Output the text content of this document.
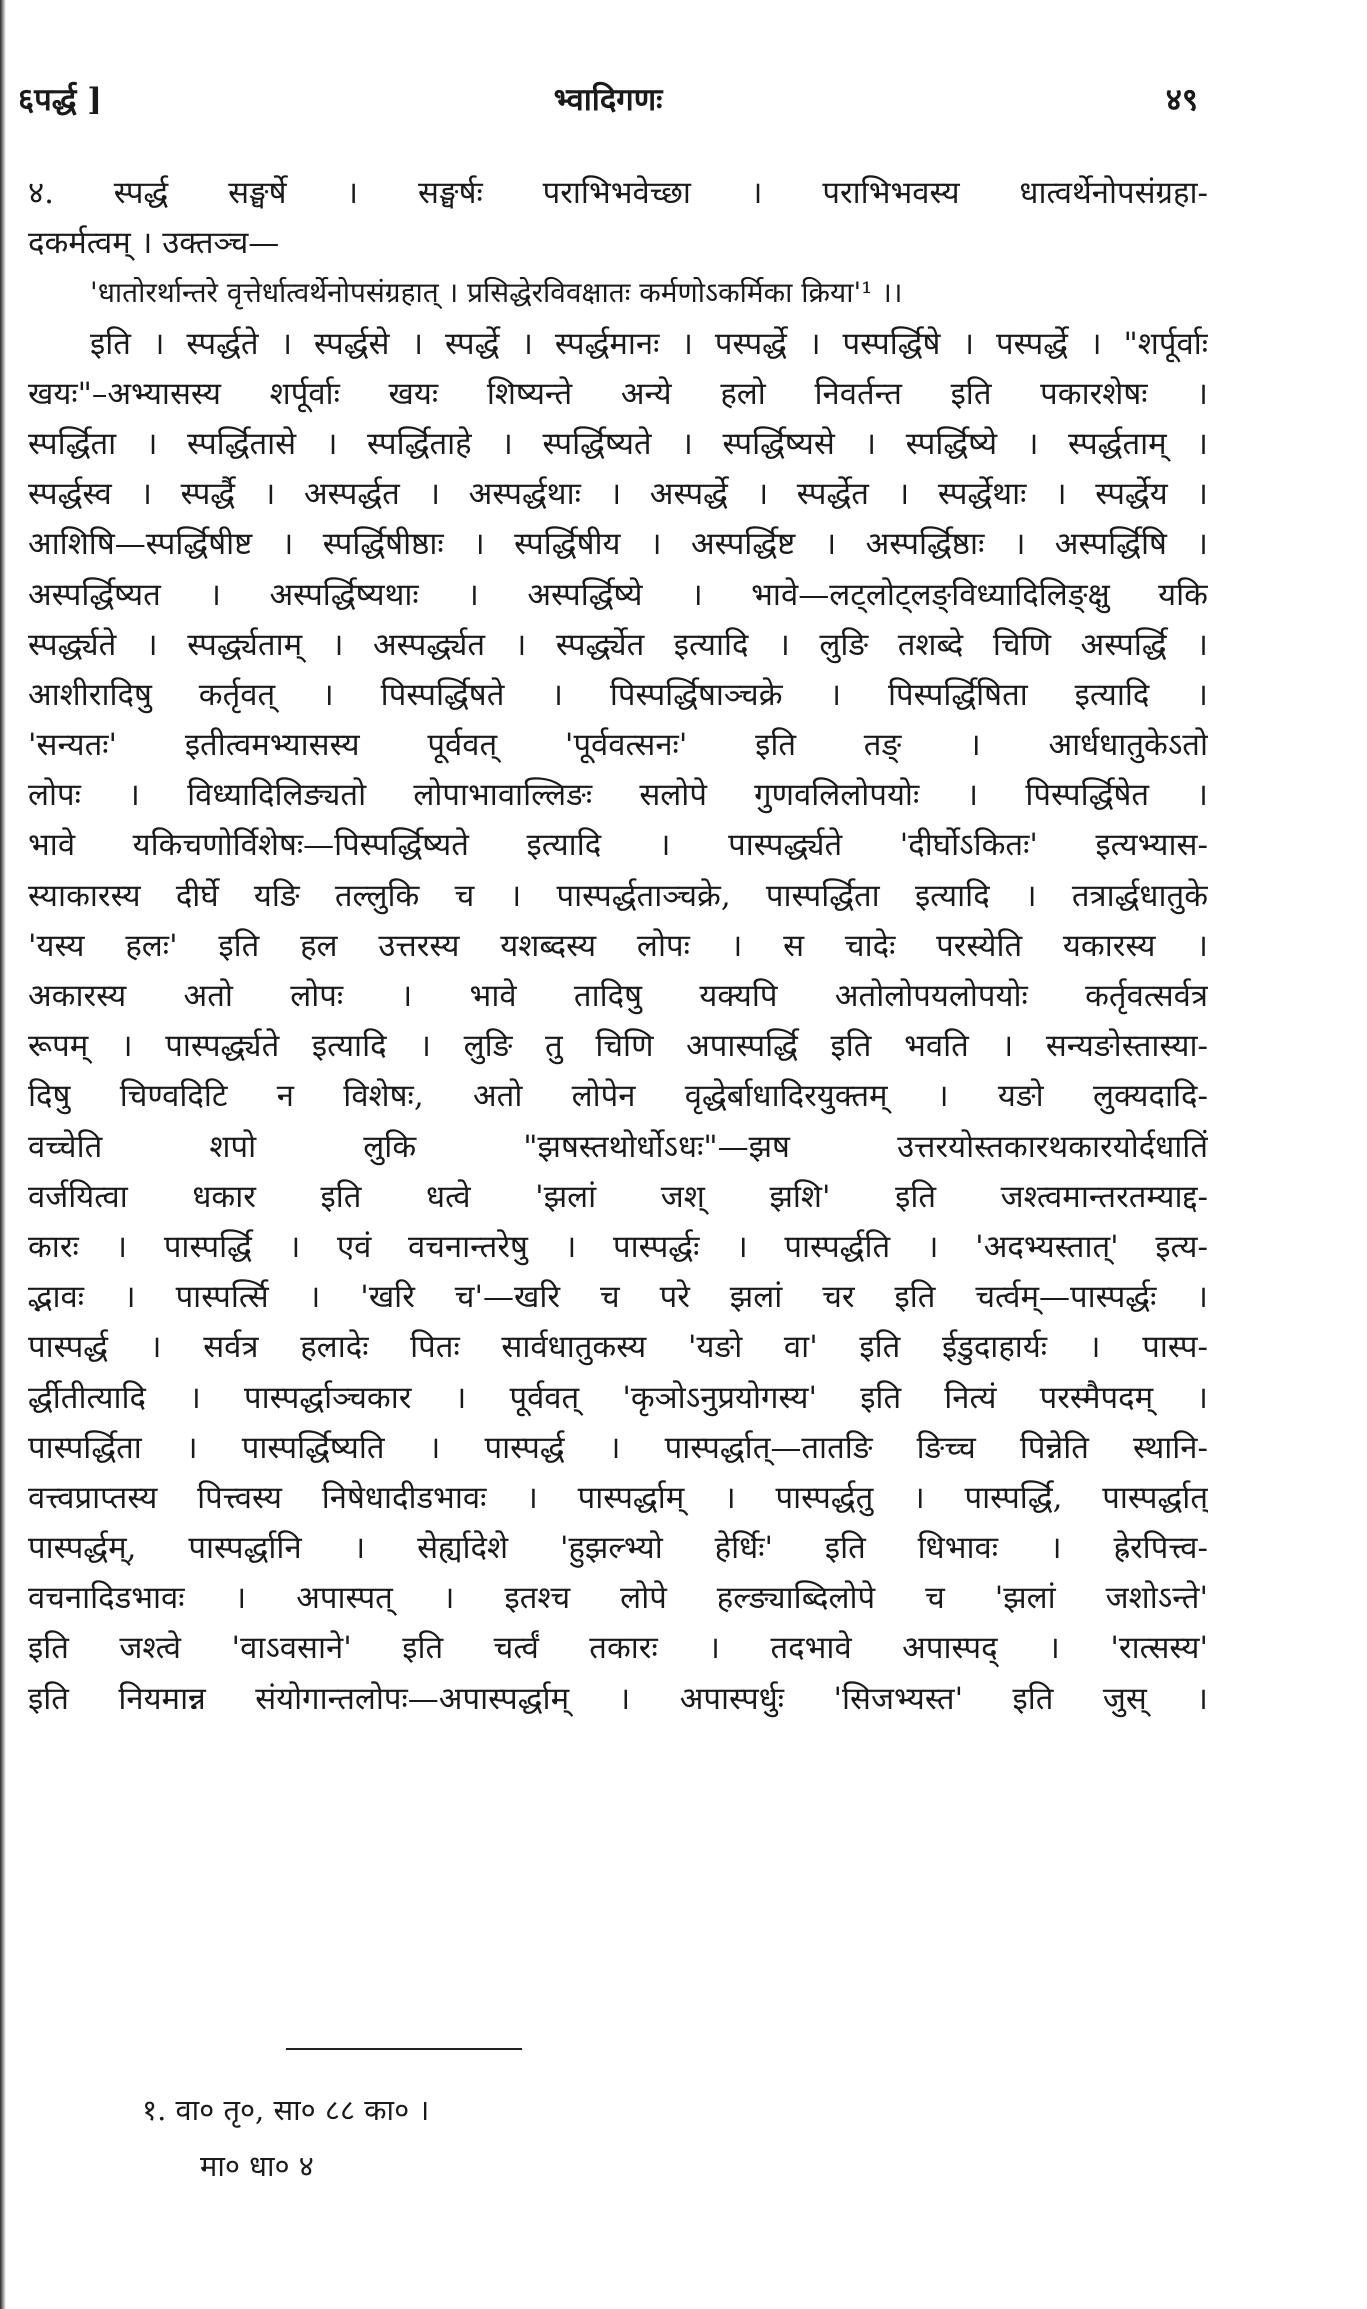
६पर्द्ध ]	भ्वादिगणः	४९
४. स्पर्द्ध सङ्घर्षे । सङ्घर्षः पराभिभवेच्छा । पराभिभवस्य धात्वर्थेनोपसंग्रहा-
दकर्मत्वम् । उक्तञ्च—
'धातोरर्थान्तरे वृत्तेर्धात्वर्थेनोपसंग्रहात् । प्रसिद्धेरविवक्षातः कर्मणोऽकर्मिका क्रिया'¹ ।।
इति । स्पर्द्धते । स्पर्द्धसे । स्पर्द्धे । स्पर्द्धमानः । पस्पर्द्धे । पस्पर्द्धिषे । पस्पर्द्धे । "शर्पूर्वाः
खयः"–अभ्यासस्य शर्पूर्वाः खयः शिष्यन्ते अन्ये हलो निवर्तन्त इति पकारशेषः ।
स्पर्द्धिता । स्पर्द्धितासे । स्पर्द्धिताहे । स्पर्द्धिष्यते । स्पर्द्धिष्यसे । स्पर्द्धिष्ये । स्पर्द्धताम् ।
स्पर्द्धस्व । स्पर्द्धै । अस्पर्द्धत । अस्पर्द्धथाः । अस्पर्द्धे । स्पर्द्धेत । स्पर्द्धेथाः । स्पर्द्धेय ।
आशिषि—स्पर्द्धिषीष्ट । स्पर्द्धिषीष्ठाः । स्पर्द्धिषीय । अस्पर्द्धिष्ट । अस्पर्द्धिष्ठाः । अस्पर्द्धिषि ।
अस्पर्द्धिष्यत । अस्पर्द्धिष्यथाः । अस्पर्द्धिष्ये । भावे—लट्लोट्लङ्विध्यादिलिङ्क्षु यकि
स्पर्द्ध्यते । स्पर्द्ध्यताम् । अस्पर्द्ध्यत । स्पर्द्ध्येत इत्यादि । लुङि तशब्दे चिणि अस्पर्द्धि ।
आशीरादिषु कर्तृवत् । पिस्पर्द्धिषते । पिस्पर्द्धिषाञ्चक्रे । पिस्पर्द्धिषिता इत्यादि ।
'सन्यतः' इतीत्वमभ्यासस्य पूर्ववत् 'पूर्ववत्सनः' इति तङ् । आर्धधातुकेऽतो
लोपः । विध्यादिलिङ्यतो लोपाभावाल्लिङः सलोपे गुणवलिलोपयोः । पिस्पर्द्धिषेत ।
भावे यकिचणोर्विशेषः—पिस्पर्द्धिष्यते इत्यादि । पास्पर्द्ध्यते 'दीर्घोऽकितः' इत्यभ्यास-
स्याकारस्य दीर्घे यङि तल्लुकि च । पास्पर्द्धताञ्चक्रे, पास्पर्द्धिता इत्यादि । तत्रार्द्धधातुके
'यस्य हलः' इति हल उत्तरस्य यशब्दस्य लोपः । स चादेः परस्येति यकारस्य ।
अकारस्य अतो लोपः । भावे तादिषु यक्यपि अतोलोपयलोपयोः कर्तृवत्सर्वत्र
रूपम् । पास्पर्द्ध्यते इत्यादि । लुङि तु चिणि अपास्पर्द्धि इति भवति । सन्यङोस्तास्या-
दिषु चिण्वदिटि न विशेषः, अतो लोपेन वृद्धेर्बाधादिरयुक्तम् । यङो लुक्यदादि-
वच्चेति शपो लुकि "झषस्तथोर्धोऽधः"—झष उत्तरयोस्तकारथकारयोर्दधातिं
वर्जयित्वा धकार इति धत्वे 'झलां जश् झशि' इति जश्त्वमान्तरतम्याद्द-
कारः । पास्पर्द्धि । एवं वचनान्तरेषु । पास्पर्द्धः । पास्पर्द्धति । 'अदभ्यस्तात्' इत्य-
द्भावः । पास्पर्त्सि । 'खरि च'—खरि च परे झलां चर इति चर्त्वम्—पास्पर्द्धः ।
पास्पर्द्ध । सर्वत्र हलादेः पितः सार्वधातुकस्य 'यङो वा' इति ईडुदाहार्यः । पास्प-
र्द्धीतीत्यादि । पास्पर्द्धाञ्चकार । पूर्ववत् 'कृञोऽनुप्रयोगस्य' इति नित्यं परस्मैपदम् ।
पास्पर्द्धिता । पास्पर्द्धिष्यति । पास्पर्द्ध । पास्पर्द्धात्—तातङि ङिच्च पिन्नेति स्थानि-
वत्त्वप्राप्तस्य पित्त्वस्य निषेधादीडभावः । पास्पर्द्धाम् । पास्पर्द्धतु । पास्पर्द्धि, पास्पर्द्धात्
पास्पर्द्धम्, पास्पर्द्धानि । सेर्ह्यादेशे 'हुझल्भ्यो हेर्धिः' इति धिभावः । ह्रेरपित्त्व-
वचनादिडभावः । अपास्पत् । इतश्च लोपे हल्ङ्याब्दिलोपे च 'झलां जशोऽन्ते'
इति जश्त्वे 'वाऽवसाने' इति चर्त्वं तकारः । तदभावे अपास्पद् । 'रात्सस्य'
इति नियमान्न संयोगान्तलोपः—अपास्पर्द्धाम् । अपास्पर्धुः 'सिजभ्यस्त' इति जुस् ।
१. वा० तृ०, सा० ८८ का० ।
मा० धा० ४
